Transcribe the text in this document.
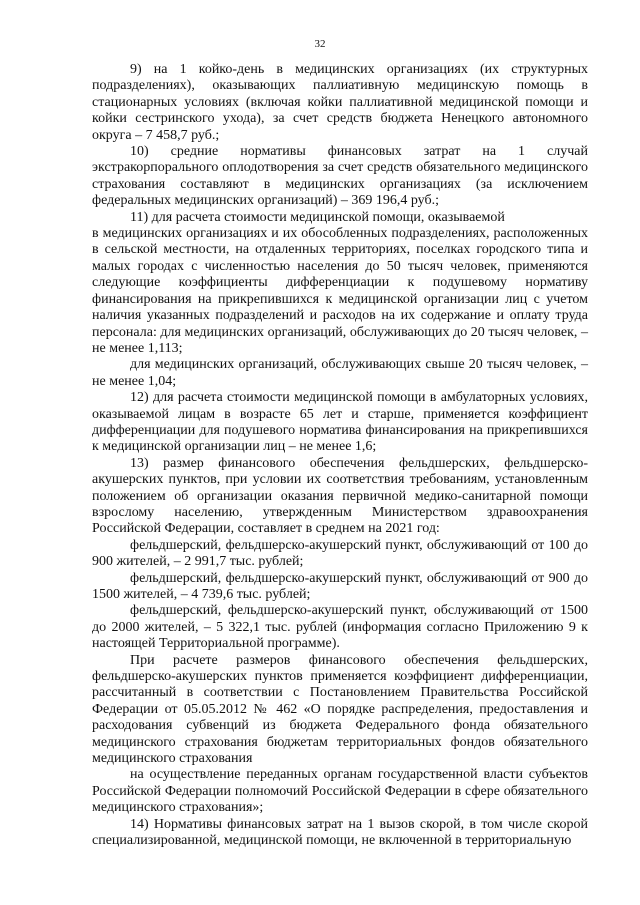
32

9) на 1 койко-день в медицинских организациях (их структурных подразделениях), оказывающих паллиативную медицинскую помощь в стационарных условиях (включая койки паллиативной медицинской помощи и койки сестринского ухода), за счет средств бюджета Ненецкого автономного округа – 7 458,7 руб.;

10) средние нормативы финансовых затрат на 1 случай экстракорпорального оплодотворения за счет средств обязательного медицинского страхования составляют в медицинских организациях (за исключением федеральных медицинских организаций) – 369 196,4 руб.;

11) для расчета стоимости медицинской помощи, оказываемой

в медицинских организациях и их обособленных подразделениях, расположенных в сельской местности, на отдаленных территориях, поселках городского типа и малых городах с численностью населения до 50 тысяч человек, применяются следующие коэффициенты дифференциации к подушевому нормативу финансирования на прикрепившихся к медицинской организации лиц с учетом наличия указанных подразделений и расходов на их содержание и оплату труда персонала: для медицинских организаций, обслуживающих до 20 тысяч человек, – не менее 1,113;

для медицинских организаций, обслуживающих свыше 20 тысяч человек, – не менее 1,04;

12) для расчета стоимости медицинской помощи в амбулаторных условиях, оказываемой лицам в возрасте 65 лет и старше, применяется коэффициент дифференциации для подушевого норматива финансирования на прикрепившихся к медицинской организации лиц – не менее 1,6;

13) размер финансового обеспечения фельдшерских, фельдшерско-акушерских пунктов, при условии их соответствия требованиям, установленным положением об организации оказания первичной медико-санитарной помощи взрослому населению, утвержденным Министерством здравоохранения Российской Федерации, составляет в среднем на 2021 год:

фельдшерский, фельдшерско-акушерский пункт, обслуживающий от 100 до 900 жителей, – 2 991,7 тыс. рублей;

фельдшерский, фельдшерско-акушерский пункт, обслуживающий от 900 до 1500 жителей, – 4 739,6 тыс. рублей;

фельдшерский, фельдшерско-акушерский пункт, обслуживающий от 1500 до 2000 жителей, – 5 322,1 тыс. рублей (информация согласно Приложению 9 к настоящей Территориальной программе).

При расчете размеров финансового обеспечения фельдшерских, фельдшерско-акушерских пунктов применяется коэффициент дифференциации, рассчитанный в соответствии с Постановлением Правительства Российской Федерации от 05.05.2012 № 462 «О порядке распределения, предоставления и расходования субвенций из бюджета Федерального фонда обязательного медицинского страхования бюджетам территориальных фондов обязательного медицинского страхования

на осуществление переданных органам государственной власти субъектов Российской Федерации полномочий Российской Федерации в сфере обязательного медицинского страхования»;

14) Нормативы финансовых затрат на 1 вызов скорой, в том числе скорой специализированной, медицинской помощи, не включенной в территориальную
